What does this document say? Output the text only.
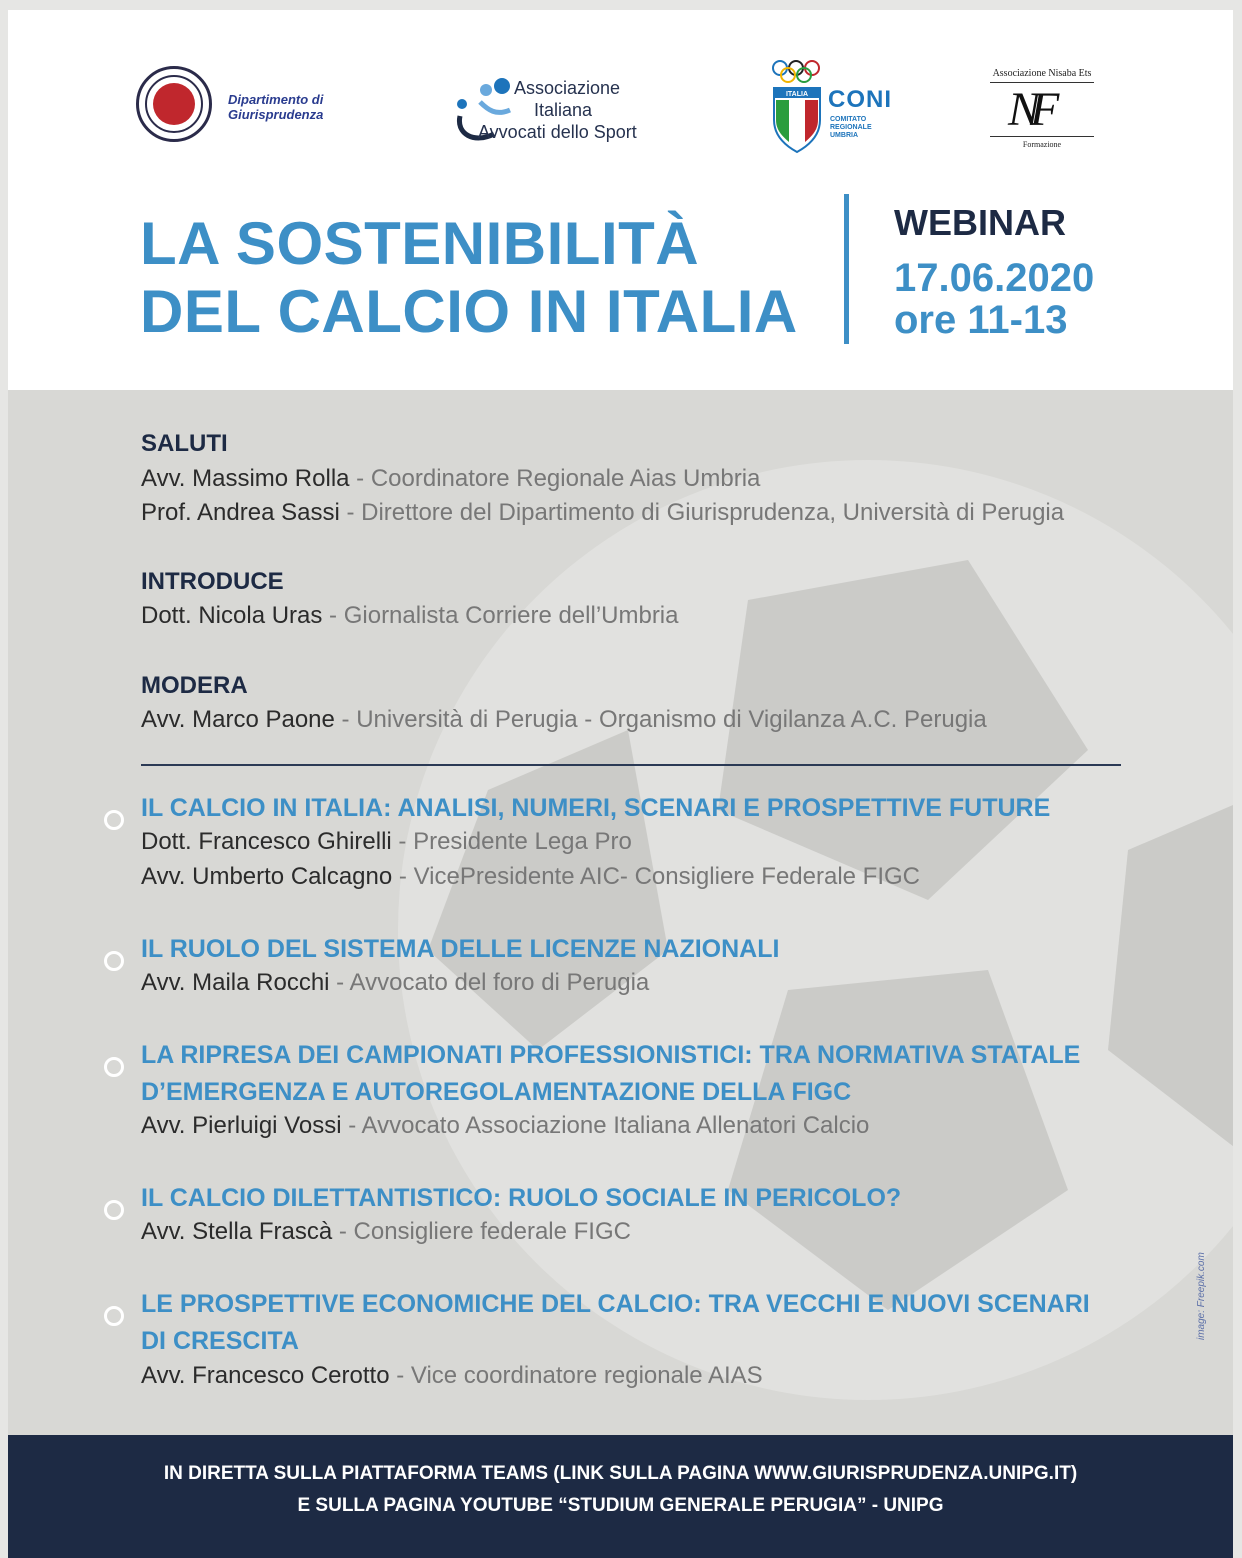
Dipartimento di
Giurisprudenza
Associazione
Italiana
Avvocati dello Sport
ITALIA CONI
COMITATO
REGIONALE
UMBRIA
Associazione Nisaba Ets
NF
Formazione
LA SOSTENIBILITÀ
DEL CALCIO IN ITALIA
WEBINAR
17.06.2020
ore 11-13
SALUTI
Avv. Massimo Rolla - Coordinatore Regionale Aias Umbria
Prof. Andrea Sassi - Direttore del Dipartimento di Giurisprudenza, Università di Perugia
INTRODUCE
Dott. Nicola Uras - Giornalista Corriere dell’Umbria
MODERA
Avv. Marco Paone - Università di Perugia - Organismo di Vigilanza A.C. Perugia
IL CALCIO IN ITALIA: ANALISI, NUMERI, SCENARI E PROSPETTIVE FUTURE
Dott. Francesco Ghirelli - Presidente Lega Pro
Avv. Umberto Calcagno - VicePresidente AIC- Consigliere Federale FIGC
IL RUOLO DEL SISTEMA DELLE LICENZE NAZIONALI
Avv. Maila Rocchi - Avvocato del foro di Perugia
LA RIPRESA DEI CAMPIONATI PROFESSIONISTICI: TRA NORMATIVA STATALE
D’EMERGENZA E AUTOREGOLAMENTAZIONE DELLA FIGC
Avv. Pierluigi Vossi - Avvocato Associazione Italiana Allenatori Calcio
IL CALCIO DILETTANTISTICO: RUOLO SOCIALE IN PERICOLO?
Avv. Stella Frascà - Consigliere federale FIGC
LE PROSPETTIVE ECONOMICHE DEL CALCIO: TRA VECCHI E NUOVI SCENARI
DI CRESCITA
Avv. Francesco Cerotto - Vice coordinatore regionale AIAS
image: Freepik.com
IN DIRETTA SULLA PIATTAFORMA TEAMS (LINK SULLA PAGINA WWW.GIURISPRUDENZA.UNIPG.IT)
E SULLA PAGINA YOUTUBE “STUDIUM GENERALE PERUGIA” - UNIPG
